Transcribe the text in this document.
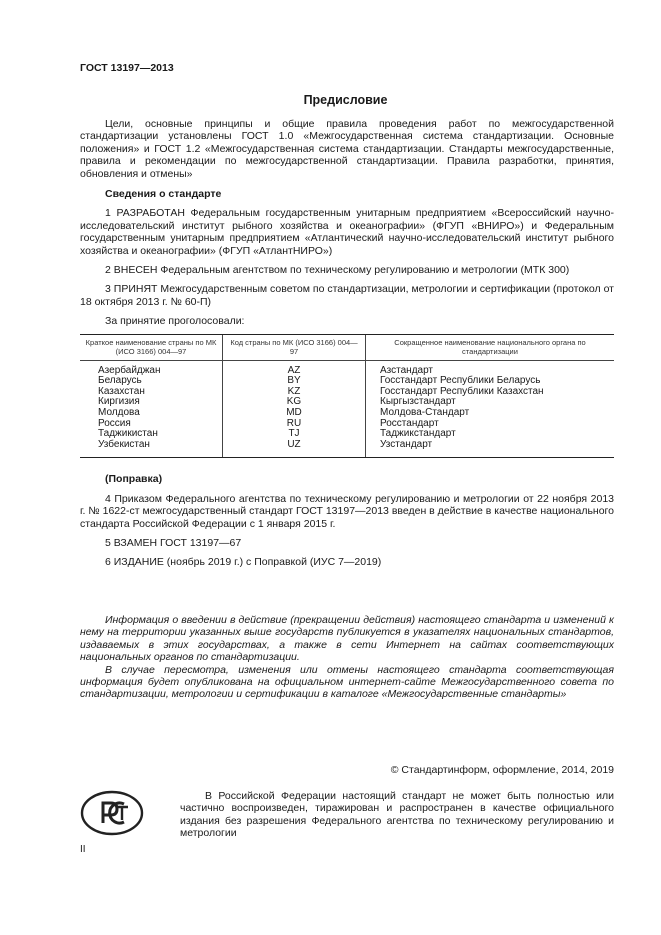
ГОСТ 13197—2013
Предисловие

Цели, основные принципы и общие правила проведения работ по межгосударственной стандартизации установлены ГОСТ 1.0 «Межгосударственная система стандартизации. Основные положения» и ГОСТ 1.2 «Межгосударственная система стандартизации. Стандарты межгосударственные, правила и рекомендации по межгосударственной стандартизации. Правила разработки, принятия, обновления и отмены»

Сведения о стандарте

1 РАЗРАБОТАН Федеральным государственным унитарным предприятием «Всероссийский научно-исследовательский институт рыбного хозяйства и океанографии» (ФГУП «ВНИРО») и Федеральным государственным унитарным предприятием «Атлантический научно-исследовательский институт рыбного хозяйства и океанографии» (ФГУП «АтлантНИРО»)

2 ВНЕСЕН Федеральным агентством по техническому регулированию и метрологии (МТК 300)

3 ПРИНЯТ Межгосударственным советом по стандартизации, метрологии и сертификации (протокол от 18 октября 2013 г. № 60-П)

За принятие проголосовали:

Краткое наименование страны по МК (ИСО 3166) 004—97	Код страны по МК (ИСО 3166) 004—97	Сокращенное наименование национального органа по стандартизации
Азербайджан	AZ	Азстандарт
Беларусь	BY	Госстандарт Республики Беларусь
Казахстан	KZ	Госстандарт Республики Казахстан
Киргизия	KG	Кыргызстандарт
Молдова	MD	Молдова-Стандарт
Россия	RU	Росстандарт
Таджикистан	TJ	Таджикстандарт
Узбекистан	UZ	Узстандарт

(Поправка)

4 Приказом Федерального агентства по техническому регулированию и метрологии от 22 ноября 2013 г. № 1622-ст межгосударственный стандарт ГОСТ 13197—2013 введен в действие в качестве национального стандарта Российской Федерации с 1 января 2015 г.

5 ВЗАМЕН ГОСТ 13197—67

6 ИЗДАНИЕ (ноябрь 2019 г.) с Поправкой (ИУС 7—2019)

Информация о введении в действие (прекращении действия) настоящего стандарта и изменений к нему на территории указанных выше государств публикуется в указателях национальных стандартов, издаваемых в этих государствах, а также в сети Интернет на сайтах соответствующих национальных органов по стандартизации.

В случае пересмотра, изменения или отмены настоящего стандарта соответствующая информация будет опубликована на официальном интернет-сайте Межгосударственного совета по стандартизации, метрологии и сертификации в каталоге «Межгосударственные стандарты»

© Стандартинформ, оформление, 2014, 2019

В Российской Федерации настоящий стандарт не может быть полностью или частично воспроизведен, тиражирован и распространен в качестве официального издания без разрешения Федерального агентства по техническому регулированию и метрологии

II
